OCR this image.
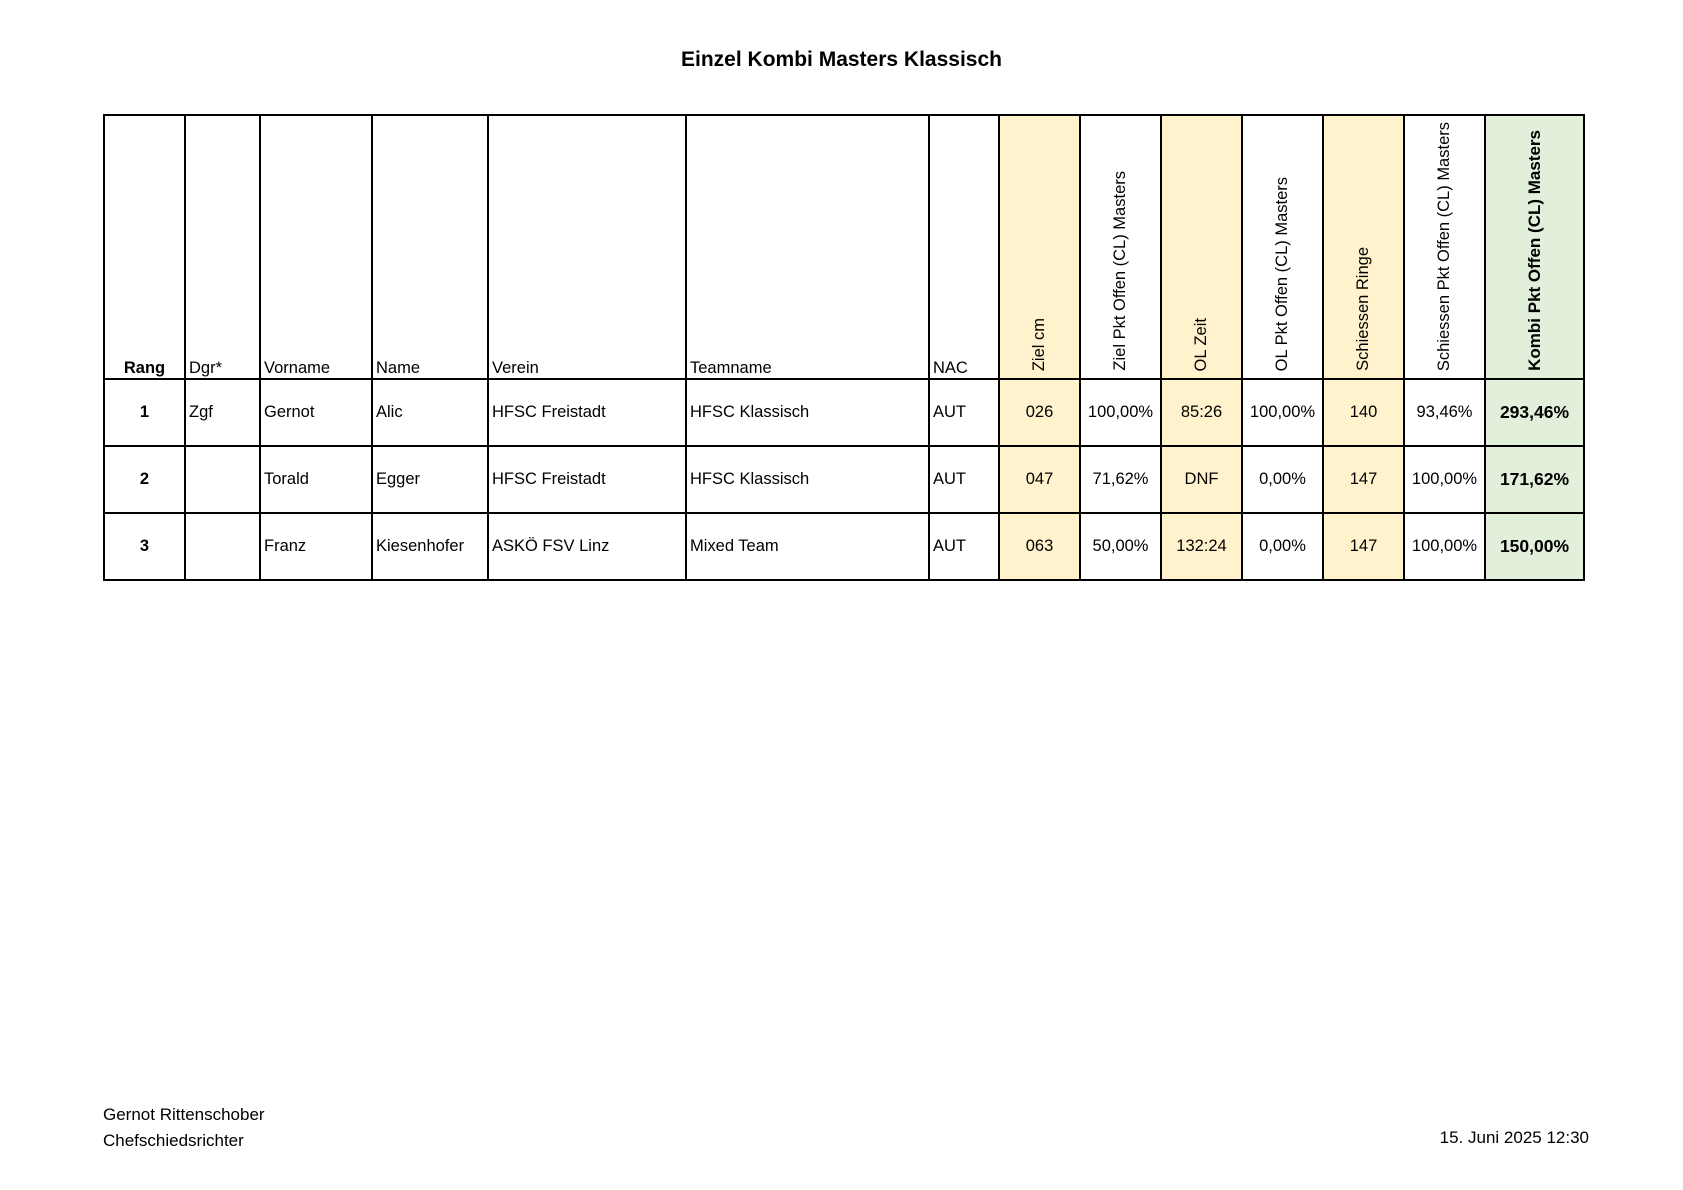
Einzel Kombi Masters Klassisch
Rang	Dgr*	Vorname	Name	Verein	Teamname	NAC	Ziel cm	Ziel Pkt Offen (CL) Masters	OL Zeit	OL Pkt Offen (CL) Masters	Schiessen Ringe	Schiessen Pkt Offen (CL) Masters	Kombi Pkt Offen (CL) Masters
1	Zgf	Gernot	Alic	HFSC Freistadt	HFSC Klassisch	AUT	026	100,00%	85:26	100,00%	140	93,46%	293,46%
2		Torald	Egger	HFSC Freistadt	HFSC Klassisch	AUT	047	71,62%	DNF	0,00%	147	100,00%	171,62%
3		Franz	Kiesenhofer	ASKÖ FSV Linz	Mixed Team	AUT	063	50,00%	132:24	0,00%	147	100,00%	150,00%
Gernot Rittenschober
Chefschiedsrichter	15. Juni 2025 12:30
